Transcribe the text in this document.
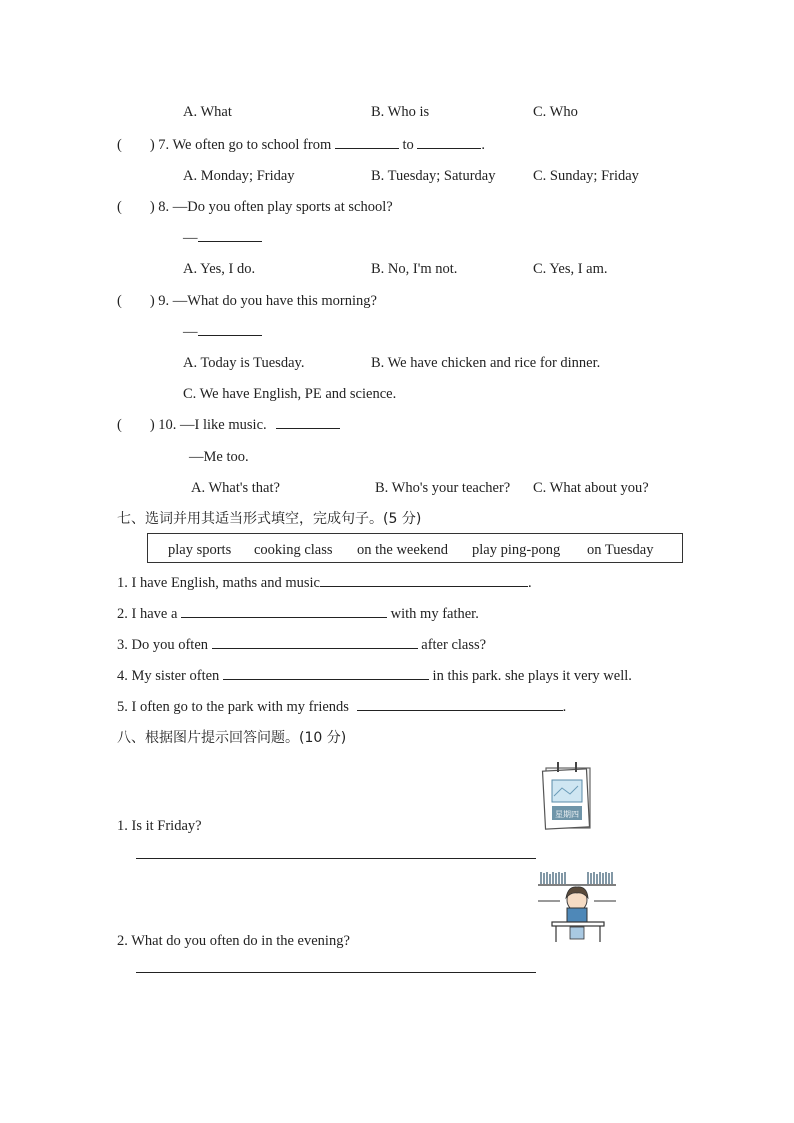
A. What	B. Who is	C. Who
( ) 7. We often go to school from	to	.
A. Monday; Friday	B. Tuesday; Saturday	C. Sunday; Friday
( ) 8. —Do you often play sports at school?
—
A. Yes, I do.	B. No, I'm not.	C. Yes, I am.
( ) 9. —What do you have this morning?
—
A. Today is Tuesday.	B. We have chicken and rice for dinner.
C. We have English, PE and science.
( ) 10. —I like music.
—Me too.
A. What's that?	B. Who's your teacher? C. What about you?
七、选词并用其适当形式填空，完成句子。(5 分)
play sports cooking class on the weekend play ping-pong on Tuesday
1. I have English, maths and music	.
2. I have a	with my father.
3. Do you often	after class?
4. My sister often	in this park. she plays it very well.
5. I often go to the park with my friends	.
八、根据图片提示回答问题。(10 分)
星期四
1. Is it Friday?
2. What do you often do in the evening?
